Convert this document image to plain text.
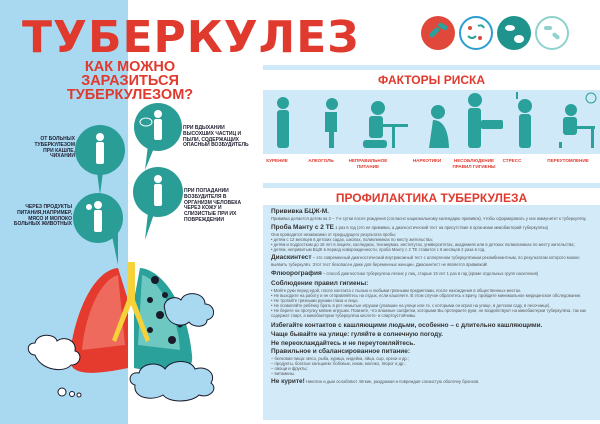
ТУБЕРКУЛЕЗ
КАК МОЖНО ЗАРАЗИТЬСЯ ТУБЕРКУЛЕЗОМ?
ОТ БОЛЬНЫХ ТУБЕРКУЛЕЗОМ ПРИ КАШЛЕ, ЧИХАНИИ
ПРИ ВДЫХАНИИ ВЫСОХШИХ ЧАСТИЦ И ПЫЛИ, СОДЕРЖАЩИХ ОПАСНЫЙ ВОЗБУДИТЕЛЬ
ПРИ ПОПАДАНИИ ВОЗБУДИТЕЛЯ В ОРГАНИЗМ ЧЕЛОВЕКА ЧЕРЕЗ КОЖУ И СЛИЗИСТЫЕ ПРИ ИХ ПОВРЕЖДЕНИИ
ЧЕРЕЗ ПРОДУКТЫ ПИТАНИЯ,НАПРИМЕР, МЯСО И МОЛОКО БОЛЬНЫХ ЖИВОТНЫХ
ФАКТОРЫ РИСКА
КУРЕНИЕ	АЛКОГОЛЬ	НЕПРАВИЛЬНОЕ ПИТАНИЕ
НАРКОТИКИ	НЕСОБЛЮДЕНИЕ ПРАВИЛ ГИГИЕНЫ
СТРЕСС	ПЕРЕУТОМЛЕНИЕ
ПРОФИЛАКТИКА ТУБЕРКУЛЕЗА
Прививка БЦЖ-М.
Прививка делается детям на 3 – 7-е сутки после рождения (согласно национальному календарю прививок), чтобы сформировать у них иммунитет к туберкулёзу.
Проба Манту с 2 ТЕ 1 раз в год (это не прививка, а диагностический тест на присутствие в организме микобактерий туберкулёза)
Она проводится независимо от предыдущего результата пробы:
• детям с 12 месяцев в детских садах, школах, поликлиниках по месту жительства;
• детям и подросткам до 18 лет в лицеях, колледжах, техникумах, институтах, университетах, академиях или в детских поликлиниках по месту жительства;
• детям, непривитым БЦЖ в период новорожденности, проба Манту с 2 ТЕ ставится с 6 месяцев 2 раза в год.
Диаскинтест – это современный диагностический внутрикожный тест с аллергеном туберкулёзным рекомбинантным, по результатам которого можно выявить туберкулёз. Этот тест безопасен даже для беременных женщин. Диаскинтест не является прививкой!
Флюорография – способ диагностики туберкулеза легких у лиц, старше 15 лет 1 раз в год (кроме отдельных групп населения)
Соблюдение правил гигиены:
• Мойте руки перед едой, после контакта с пылью и любыми грязными предметами, после нахождения в общественных местах.
• Не выходите на работу и не отправляйтесь на отдых, если кашляете. В этом случае обратитесь к врачу, пройдите минимальное медицинское обследование.
• Не трогайте грязными руками глаза и лицо.
• Не позволяйте ребёнку брать в рот немытые игрушки (упавшие на улице или те, с которыми он играл на улице, в детском саду, в песочнице).
• Не берите на прогулку мягкие игрушки. Помните, что влажные салфетки, которыми Вы протираете руки, не воздействуют на микобактерии туберкулёза, так как содержат спирт, а микобактерии туберкулёза кислото- и спиртоустойчивы.
Избегайте контактов с кашляющими людьми, особенно – с длительно кашляющими.
Чаще бывайте на улице: гуляйте в солнечную погоду.
Не переохлаждайтесь и не переутомляйтесь.
Правильное и сбалансированное питание:
– белковая пища: мясо, рыба, курица, индейка, яйца, сыр, орехи и др.;
– продукты, богатые кальцием: бобовые, изюм, молоко, творог и др.;
– овощи и фрукты;
– витамины.
Не курите! Никотин и дым ослабляют лёгкие, раздражая и повреждая слизистую оболочку бронхов.
